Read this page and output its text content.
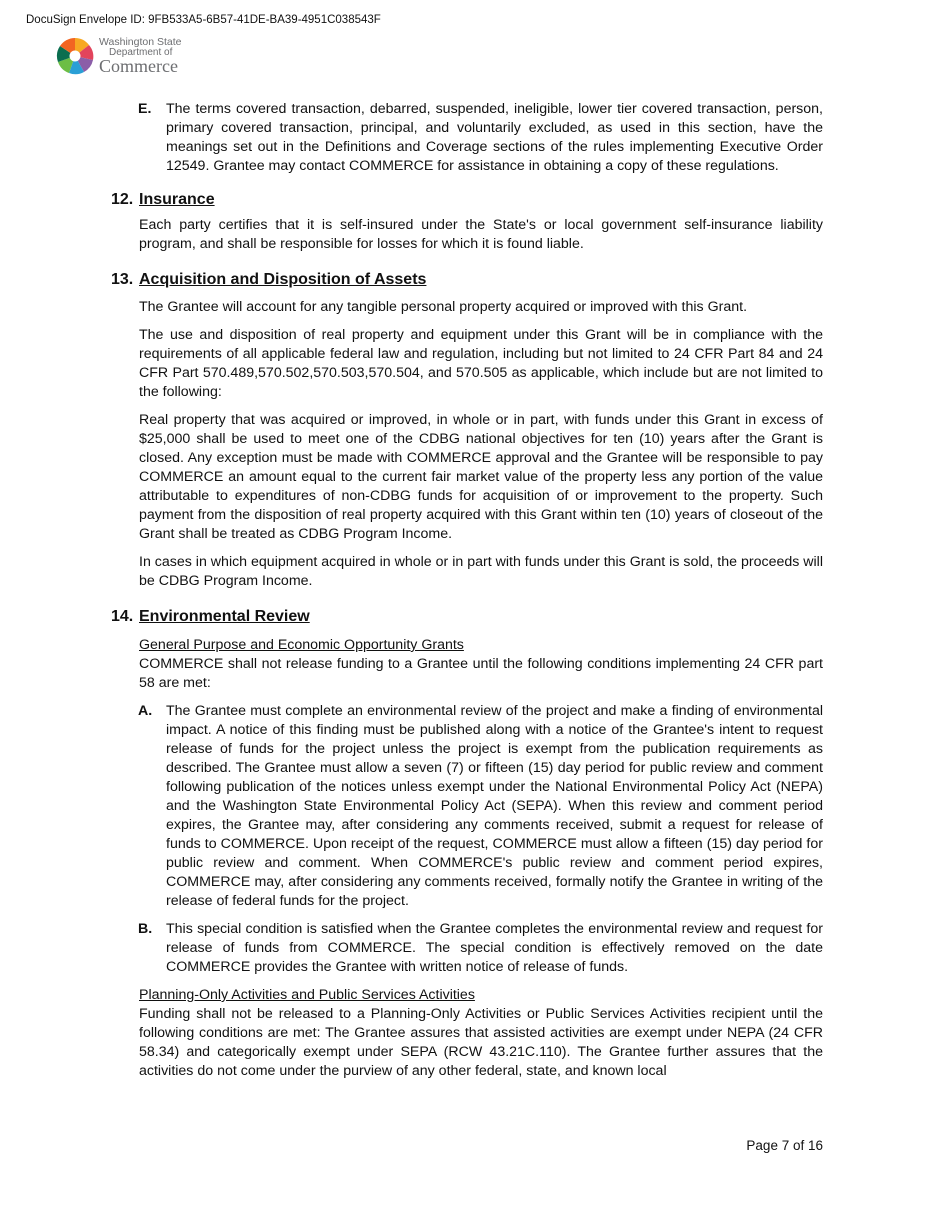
DocuSign Envelope ID: 9FB533A5-6B57-41DE-BA39-4951C038543F
Washington State
Department of
Commerce
E. The terms covered transaction, debarred, suspended, ineligible, lower tier covered transaction, person, primary covered transaction, principal, and voluntarily excluded, as used in this section, have the meanings set out in the Definitions and Coverage sections of the rules implementing Executive Order 12549. Grantee may contact COMMERCE for assistance in obtaining a copy of these regulations.

12. Insurance

Each party certifies that it is self-insured under the State's or local government self-insurance liability program, and shall be responsible for losses for which it is found liable.

13. Acquisition and Disposition of Assets

The Grantee will account for any tangible personal property acquired or improved with this Grant.

The use and disposition of real property and equipment under this Grant will be in compliance with the requirements of all applicable federal law and regulation, including but not limited to 24 CFR Part 84 and 24 CFR Part 570.489,570.502,570.503,570.504, and 570.505 as applicable, which include but are not limited to the following:

Real property that was acquired or improved, in whole or in part, with funds under this Grant in excess of $25,000 shall be used to meet one of the CDBG national objectives for ten (10) years after the Grant is closed. Any exception must be made with COMMERCE approval and the Grantee will be responsible to pay COMMERCE an amount equal to the current fair market value of the property less any portion of the value attributable to expenditures of non-CDBG funds for acquisition of or improvement to the property. Such payment from the disposition of real property acquired with this Grant within ten (10) years of closeout of the Grant shall be treated as CDBG Program Income.

In cases in which equipment acquired in whole or in part with funds under this Grant is sold, the proceeds will be CDBG Program Income.

14. Environmental Review
General Purpose and Economic Opportunity Grants

COMMERCE shall not release funding to a Grantee until the following conditions implementing 24 CFR part 58 are met:

A. The Grantee must complete an environmental review of the project and make a finding of environmental impact. A notice of this finding must be published along with a notice of the Grantee's intent to request release of funds for the project unless the project is exempt from the publication requirements as described. The Grantee must allow a seven (7) or fifteen (15) day period for public review and comment following publication of the notices unless exempt under the National Environmental Policy Act (NEPA) and the Washington State Environmental Policy Act (SEPA). When this review and comment period expires, the Grantee may, after considering any comments received, submit a request for release of funds to COMMERCE. Upon receipt of the request, COMMERCE must allow a fifteen (15) day period for public review and comment. When COMMERCE's public review and comment period expires, COMMERCE may, after considering any comments received, formally notify the Grantee in writing of the release of federal funds for the project.

B. This special condition is satisfied when the Grantee completes the environmental review and request for release of funds from COMMERCE. The special condition is effectively removed on the date COMMERCE provides the Grantee with written notice of release of funds.

Planning-Only Activities and Public Services Activities

Funding shall not be released to a Planning-Only Activities or Public Services Activities recipient until the following conditions are met: The Grantee assures that assisted activities are exempt under NEPA (24 CFR 58.34) and categorically exempt under SEPA (RCW 43.21C.110). The Grantee further assures that the activities do not come under the purview of any other federal, state, and known local

Page 7 of 16
